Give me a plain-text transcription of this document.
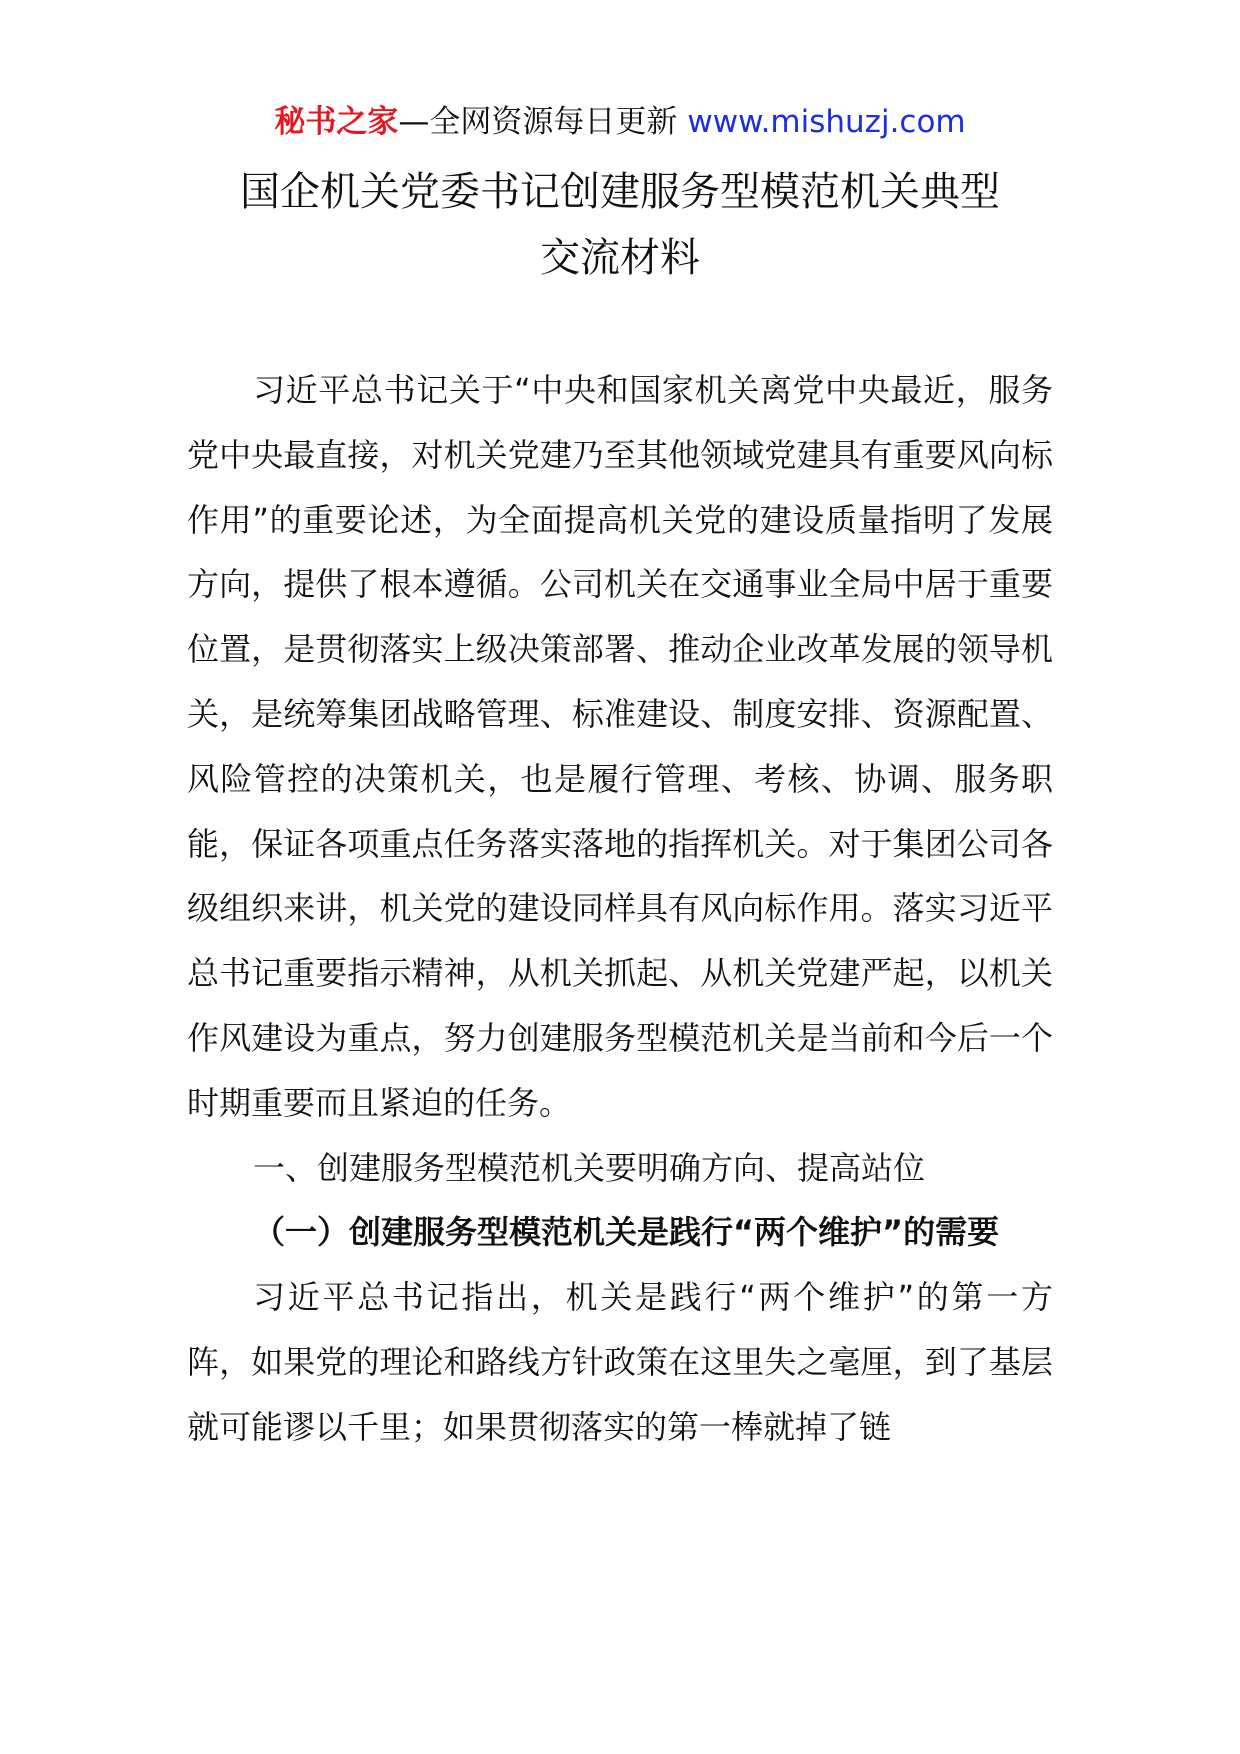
秘书之家—全网资源每日更新 www.mishuzj.com
国企机关党委书记创建服务型模范机关典型
交流材料

习近平总书记关于“中央和国家机关离党中央最近，服务党中央最直接，对机关党建乃至其他领域党建具有重要风向标作用”的重要论述，为全面提高机关党的建设质量指明了发展方向，提供了根本遵循。公司机关在交通事业全局中居于重要位置，是贯彻落实上级决策部署、推动企业改革发展的领导机关，是统筹集团战略管理、标准建设、制度安排、资源配置、风险管控的决策机关，也是履行管理、考核、协调、服务职能，保证各项重点任务落实落地的指挥机关。对于集团公司各级组织来讲，机关党的建设同样具有风向标作用。落实习近平总书记重要指示精神，从机关抓起、从机关党建严起，以机关作风建设为重点，努力创建服务型模范机关是当前和今后一个时期重要而且紧迫的任务。

一、创建服务型模范机关要明确方向、提高站位

（一）创建服务型模范机关是践行“两个维护”的需要

习近平总书记指出，机关是践行“两个维护”的第一方阵，如果党的理论和路线方针政策在这里失之毫厘，到了基层就可能谬以千里；如果贯彻落实的第一棒就掉了链
